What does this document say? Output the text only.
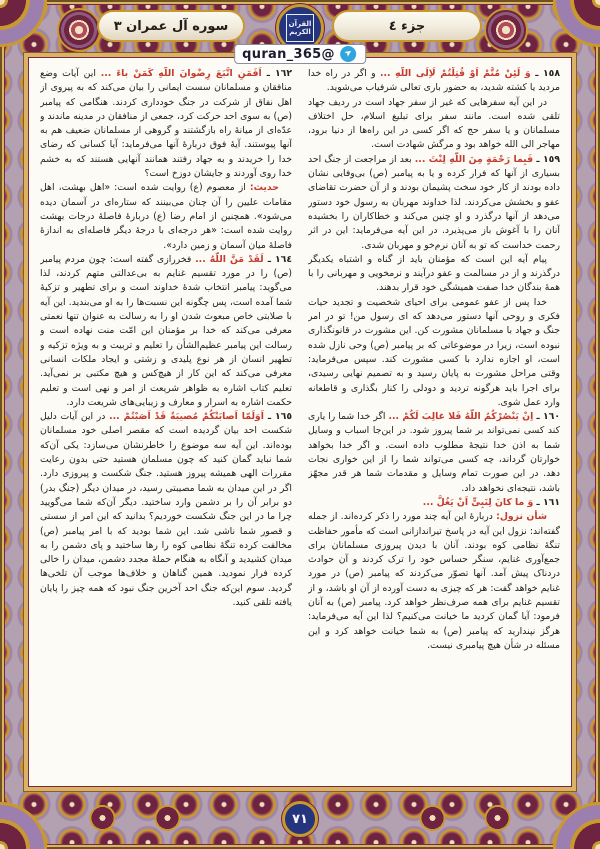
سوره آل عمران ٣	جزء ٤
القرآن
الكريم
➤
@quran_365

١٥٨ ـ وَ لَئِنْ مُتُّمْ اَوْ قُتِلْتُمْ لَاِلَی اللّهِ ... و اگر در راه خدا مردید یا کشته شدید، به حضور باری تعالی شرفیاب می‌شوید.

در این آیه سفرهایی که غیر از سفر جهاد است در ردیف جهاد تلقی شده است. مانند سفر برای تبلیغ اسلام، حل اختلاف مسلمانان و یا سفر حج که اگر کسی در این راه‌ها از دنیا برود، مهاجر الی الله خواهد بود و مرگش شهادت است.

١٥٩ ـ فَبِما رَحْمَةٍ مِنَ اللّهِ لِنْتَ ... بعد از مراجعت از جنگ احد بسیاری از آنها که فرار کرده و یا به پیامبر (ص) بی‌وفایی نشان داده بودند از کار خود سخت پشیمان بودند و از آن حضرت تقاضای عفو و بخشش می‌کردند. لذا خداوند مهربان به رسول خود دستور می‌دهد از آنها درگذرد و او چنین می‌کند و خطاکاران را بخشیده آنان را با آغوش باز می‌پذیرد. در این آیه می‌فرماید: این در اثر رحمت خداست که تو به آنان نرم‌خو و مهربان شدی.

پیام آیه این است که مؤمنان باید از گناه و اشتباه یکدیگر درگذرند و از در مسالمت و عفو درآیند و نرمخویی و مهربانی را با همهٔ بندگان خدا صفت همیشگی خود قرار بدهند.

خدا پس از عفو عمومی برای احیای شخصیت و تجدید حیات فکری و روحی آنها دستور می‌دهد که ای رسول من! تو در امر جنگ و جهاد با مسلمانان مشورت کن. این مشورت در قانونگذاری نبوده است، زیرا در موضوعاتی که بر پیامبر (ص) وحی نازل شده است، او اجازه ندارد با کسی مشورت کند. سپس می‌فرماید: وقتی مراحل مشورت به پایان رسید و به تصمیم نهایی رسیدی، برای اجرا باید هرگونه تردید و دودلی را کنار بگذاری و قاطعانه وارد عمل شوی.

١٦٠ ـ اِنْ یَنْصُرْکُمُ اللّهُ فَلا غالِبَ لَکُمْ ... اگر خدا شما را یاری کند کسی نمی‌تواند بر شما پیروز شود. در این‌جا اسباب و وسایل شما به اذن خدا نتیجهٔ مطلوب داده است. و اگر خدا بخواهد خوارتان گرداند، چه کسی می‌تواند شما را از این خواری نجات دهد. در این صورت تمام وسایل و مقدمات شما هر قدر مجهّز باشد، نتیجه‌ای نخواهد داد.

١٦١ ـ وَ ما کانَ لِنَبِیٍّ اَنْ یَغُلَّ ...

شأن نزول: دربارهٔ این آیه چند مورد را ذکر کرده‌اند. از جمله گفته‌اند: نزول این آیه در پاسخ تیراندازانی است که مأمور حفاظت تنگهٔ نظامی کوه بودند. آنان با دیدن پیروزی مسلمانان برای جمع‌آوری غنایم، سنگر حساس خود را ترک کردند و آن حوادث دردناک پیش آمد. آنها تصوّر می‌کردند که پیامبر (ص) در مورد غنایم خواهد گفت: هر که چیزی به دست آورده از آن او باشد، و از تقسیم غنایم برای همه صرف‌نظر خواهد کرد. پیامبر (ص) به آنان فرمود: آیا گمان کردید ما خیانت می‌کنیم؟ لذا این آیه می‌فرماید: هرگز نپندارید که پیامبر (ص) به شما خیانت خواهد کرد و این مسئله در شأن هیچ پیامبری نیست.

١٦٢ ـ اَفَمَنِ اتَّبَعَ رِضْوانَ اللّهِ کَمَنْ باءَ ... این آیات وضع منافقان و مسلمانان سست ایمانی را بیان می‌کند که به پیروی از اهل نفاق از شرکت در جنگ خودداری کردند. هنگامی که پیامبر (ص) به سوی احد حرکت کرد، جمعی از منافقان در مدینه ماندند و عدّه‌ای از میانهٔ راه بازگشتند و گروهی از مسلمانان ضعیف هم به آنها پیوستند. آیهٔ فوق دربارهٔ آنها می‌فرماید: آیا کسانی که رضای خدا را خریدند و به جهاد رفتند همانند آنهایی هستند که به خشم خدا روی آوردند و جایشان دوزخ است؟

حدیث: از معصوم (ع) روایت شده است: «اهل بهشت، اهل مقامات علیین را آن چنان می‌بینند که ستاره‌ای در آسمان دیده می‌شود». همچنین از امام رضا (ع) دربارهٔ فاصلهٔ درجات بهشت روایت شده است: «هر درجه‌ای با درجهٔ دیگر فاصله‌ای به اندازهٔ فاصلهٔ میان آسمان و زمین دارد».

١٦٤ ـ لَقَدْ مَنَّ اللّهُ ... فخررازی گفته است: چون مردم پیامبر (ص) را در مورد تقسیم غنایم به بی‌عدالتی متهم کردند، لذا می‌گوید: پیامبر انتخاب شدهٔ خداوند است و برای تطهیر و تزکیهٔ شما آمده است، پس چگونه این نسبت‌ها را به او می‌بندید. این آیه با صلابتی خاص مبعوث شدن او را به رسالت به عنوان تنها نعمتی معرفی می‌کند که خدا بر مؤمنان این امّت منت نهاده است و رسالت این پیامبر عظیم‌الشأن را تعلیم و تربیت و به ویژه تزکیه و تطهیر انسان از هر نوع پلیدی و زشتی و ایجاد ملکات انسانی معرفی می‌کند که این کار از هیچ‌کس و هیچ مکتبی بر نمی‌آید. تعلیم کتاب اشاره به ظواهر شریعت از امر و نهی است و تعلیم حکمت اشاره به اسرار و معارف و زیبایی‌های شریعت دارد.

١٦٥ ـ اَوَلَمّا اَصابَتْکُمْ مُصیبَةٌ قَدْ اَصَبْتُمْ ... در این آیات دلیل شکست احد بیان گردیده است که مقصر اصلی خود مسلمانان بوده‌اند. این آیه سه موضوع را خاطرنشان می‌سازد: یکی آن‌که شما نباید گمان کنید که چون مسلمان هستید حتی بدون رعایت مقررات الهی همیشه پیروز هستید. جنگ شکست و پیروزی دارد. اگر در این میدان به شما مصیبتی رسید، در میدان دیگر (جنگ بدر) دو برابر آن را بر دشمن وارد ساختید. دیگر آن‌که شما می‌گویید چرا ما در این جنگ شکست خوردیم؟ بدانید که این امر از سستی و قصور شما ناشی شد. این شما بودید که با امر پیامبر (ص) مخالفت کرده تنگهٔ نظامی کوه را رها ساختید و پای دشمن را به میدان کشیدید و آنگاه به هنگام حملهٔ مجدد دشمن، میدان را خالی کرده فرار نمودید. همین گناهان و خلاف‌ها موجب آن تلخی‌ها گردید. سوم این‌که جنگ احد آخرین جنگ نبود که همه چیز را پایان یافته تلقی کنید.

٧١
